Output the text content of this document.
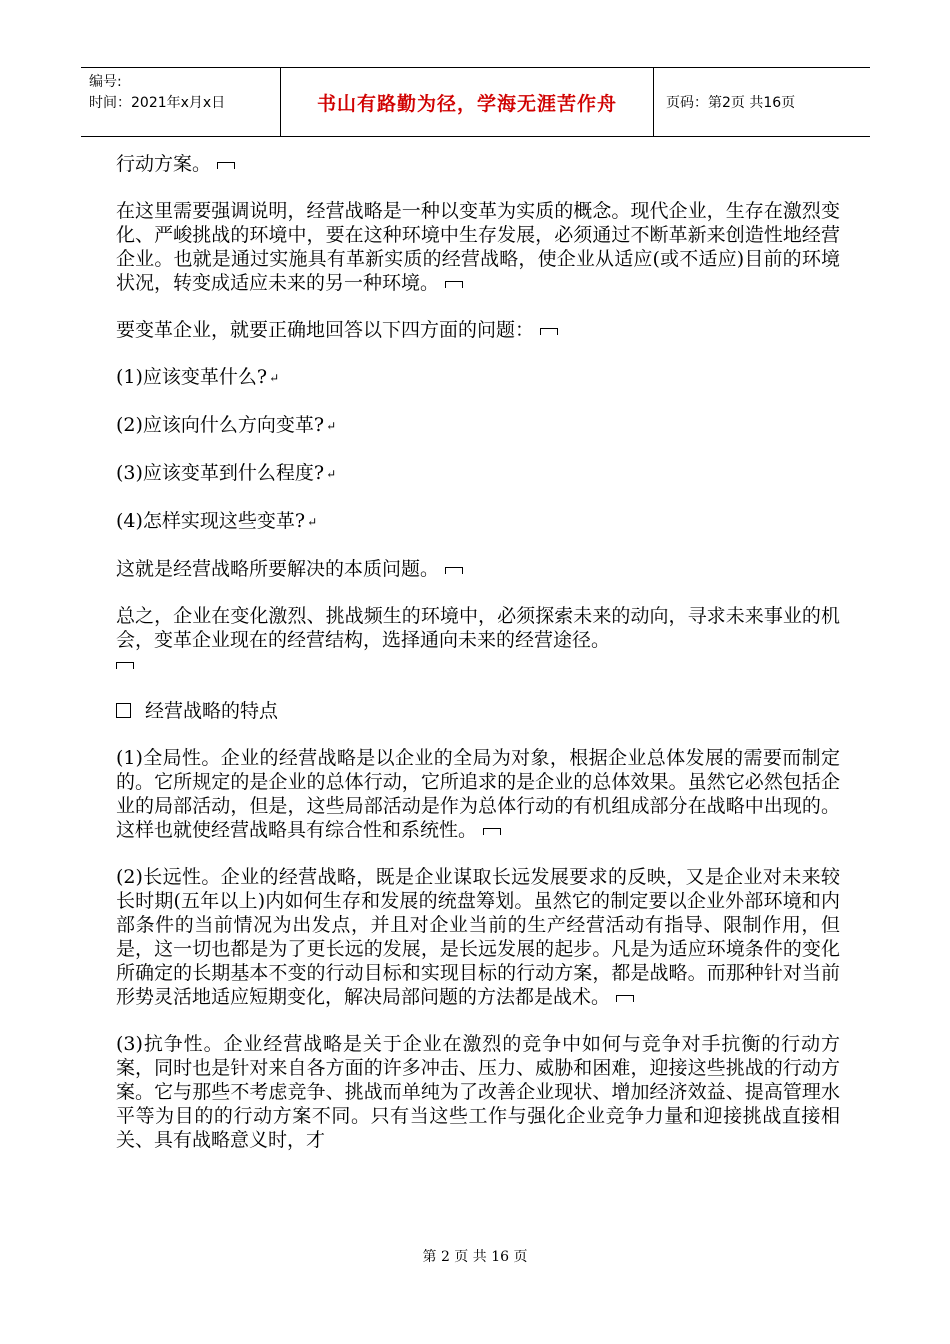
编号:
时间：2021年x月x日	书山有路勤为径，学海无涯苦作舟	页码：第2页 共16页

行动方案。

在这里需要强调说明，经营战略是一种以变革为实质的概念。现代企业，生存在激烈变化、严峻挑战的环境中，要在这种环境中生存发展，必须通过不断革新来创造性地经营企业。也就是通过实施具有革新实质的经营战略，使企业从适应(或不适应)目前的环境状况，转变成适应未来的另一种环境。

要变革企业，就要正确地回答以下四方面的问题：

(1)应该变革什么? ↵

(2)应该向什么方向变革? ↵

(3)应该变革到什么程度? ↵

(4)怎样实现这些变革? ↵

这就是经营战略所要解决的本质问题。

总之，企业在变化激烈、挑战频生的环境中，必须探索未来的动向，寻求未来事业的机会，变革企业现在的经营结构，选择通向未来的经营途径。

经营战略的特点

(1)全局性。企业的经营战略是以企业的全局为对象，根据企业总体发展的需要而制定的。它所规定的是企业的总体行动，它所追求的是企业的总体效果。虽然它必然包括企业的局部活动，但是，这些局部活动是作为总体行动的有机组成部分在战略中出现的。这样也就使经营战略具有综合性和系统性。

(2)长远性。企业的经营战略，既是企业谋取长远发展要求的反映，又是企业对未来较长时期(五年以上)内如何生存和发展的统盘筹划。虽然它的制定要以企业外部环境和内部条件的当前情况为出发点，并且对企业当前的生产经营活动有指导、限制作用，但是，这一切也都是为了更长远的发展，是长远发展的起步。凡是为适应环境条件的变化所确定的长期基本不变的行动目标和实现目标的行动方案，都是战略。而那种针对当前形势灵活地适应短期变化，解决局部问题的方法都是战术。

(3)抗争性。企业经营战略是关于企业在激烈的竞争中如何与竞争对手抗衡的行动方案，同时也是针对来自各方面的许多冲击、压力、威胁和困难，迎接这些挑战的行动方案。它与那些不考虑竞争、挑战而单纯为了改善企业现状、增加经济效益、提高管理水平等为目的的行动方案不同。只有当这些工作与强化企业竞争力量和迎接挑战直接相关、具有战略意义时，才

第 2 页 共 16 页
